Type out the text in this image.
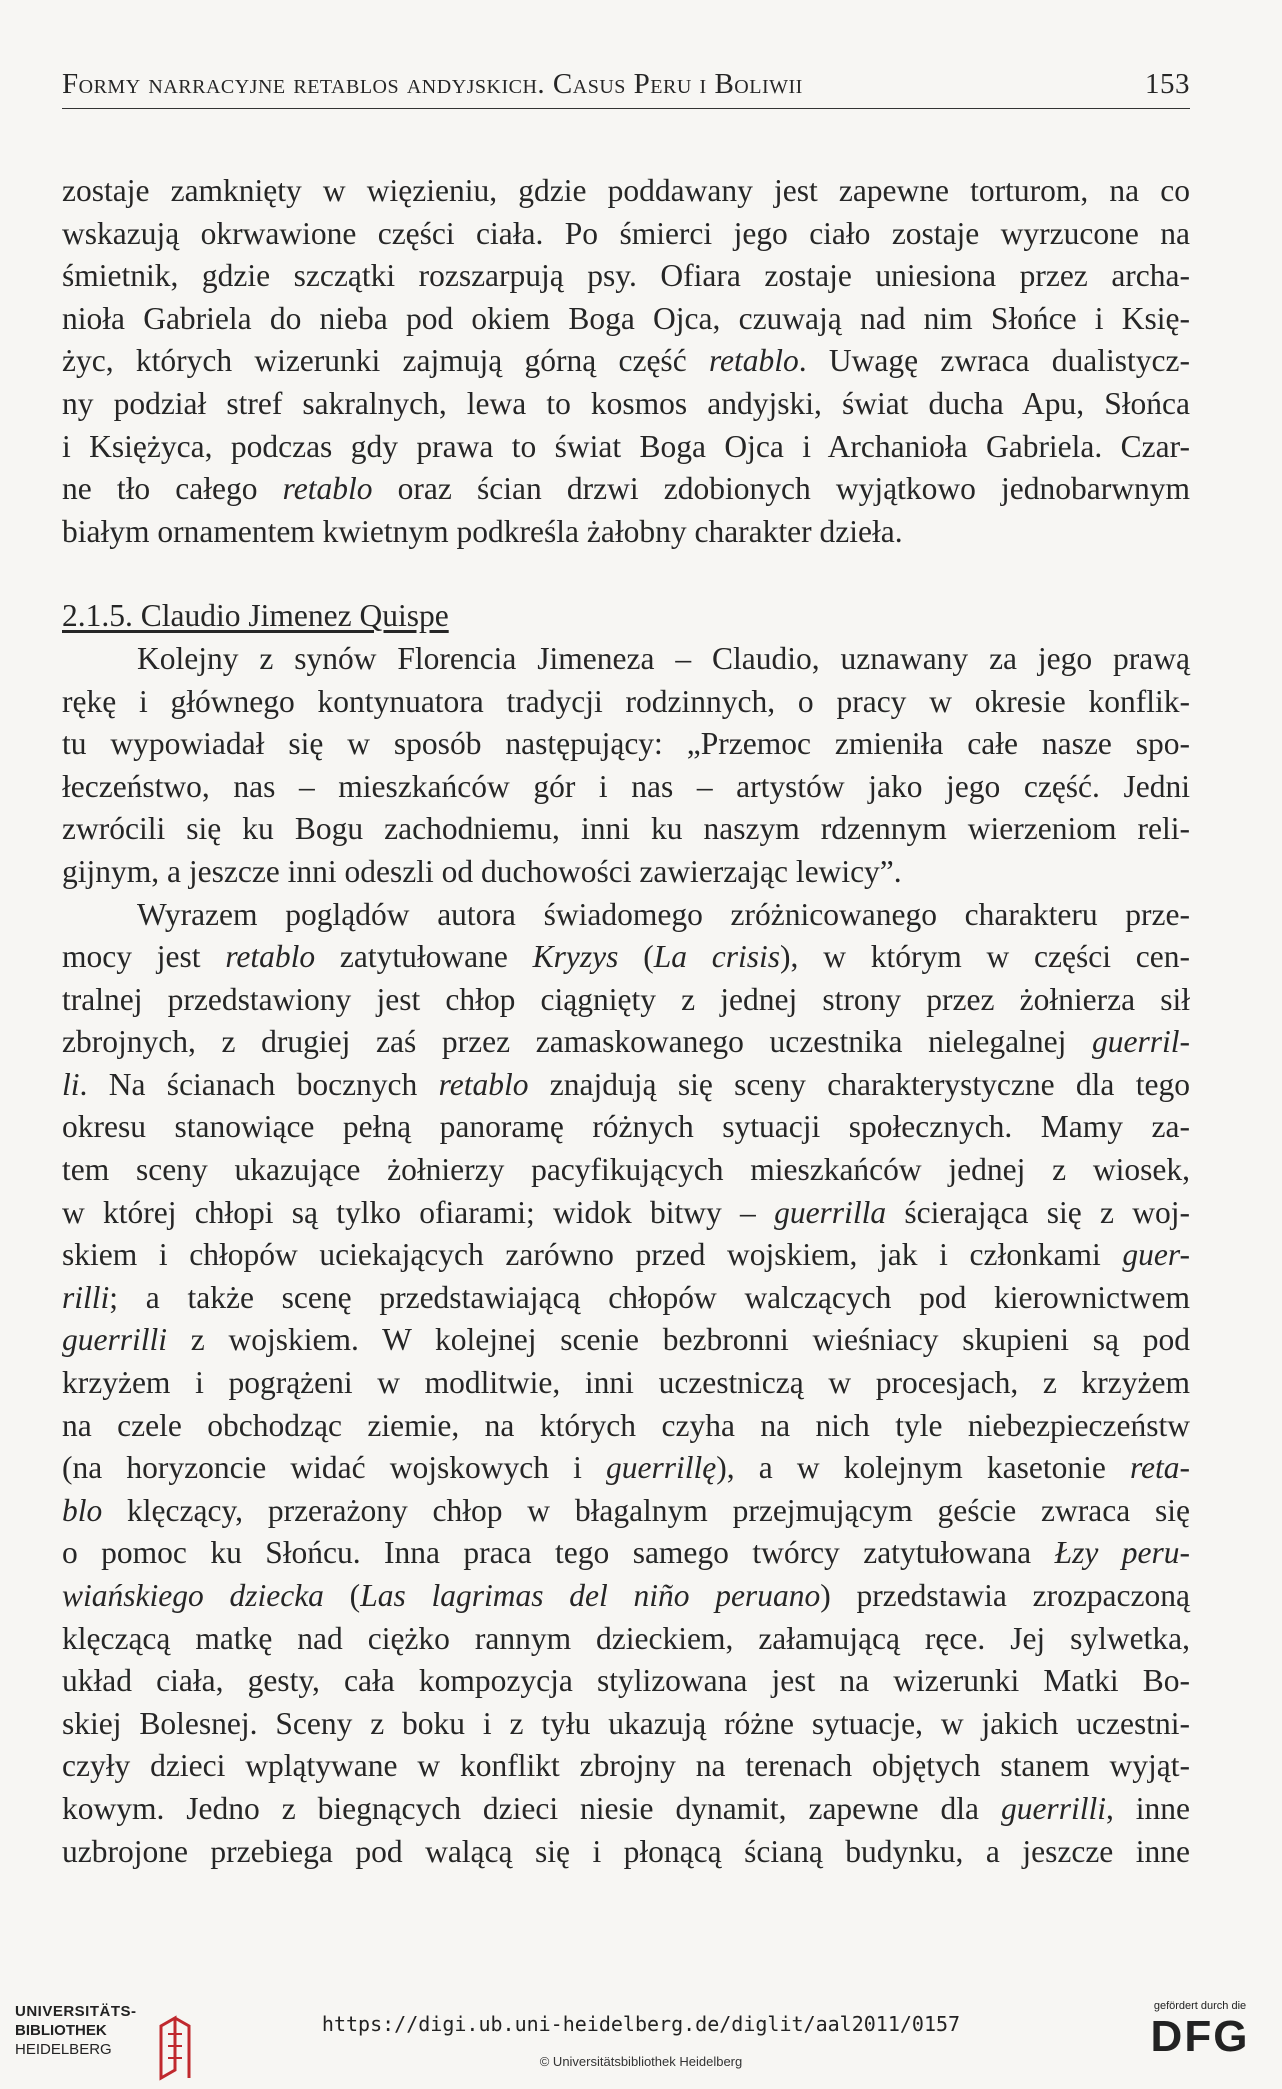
Formy narracyjne retablos andyjskich. Casus Peru i Boliwii	153
zostaje zamknięty w więzieniu, gdzie poddawany jest zapewne torturom, na co
wskazują okrwawione części ciała. Po śmierci jego ciało zostaje wyrzucone na
śmietnik, gdzie szczątki rozszarpują psy. Ofiara zostaje uniesiona przez archa-
nioła Gabriela do nieba pod okiem Boga Ojca, czuwają nad nim Słońce i Księ-
życ, których wizerunki zajmują górną część retablo. Uwagę zwraca dualistycz-
ny podział stref sakralnych, lewa to kosmos andyjski, świat ducha Apu, Słońca
i Księżyca, podczas gdy prawa to świat Boga Ojca i Archanioła Gabriela. Czar-
ne tło całego retablo oraz ścian drzwi zdobionych wyjątkowo jednobarwnym
białym ornamentem kwietnym podkreśla żałobny charakter dzieła.
2.1.5. Claudio Jimenez Quispe
Kolejny z synów Florencia Jimeneza – Claudio, uznawany za jego prawą
rękę i głównego kontynuatora tradycji rodzinnych, o pracy w okresie konflik-
tu wypowiadał się w sposób następujący: „Przemoc zmieniła całe nasze spo-
łeczeństwo, nas – mieszkańców gór i nas – artystów jako jego część. Jedni
zwrócili się ku Bogu zachodniemu, inni ku naszym rdzennym wierzeniom reli-
gijnym, a jeszcze inni odeszli od duchowości zawierzając lewicy”.
Wyrazem poglądów autora świadomego zróżnicowanego charakteru prze-
mocy jest retablo zatytułowane Kryzys (La crisis), w którym w części cen-
tralnej przedstawiony jest chłop ciągnięty z jednej strony przez żołnierza sił
zbrojnych, z drugiej zaś przez zamaskowanego uczestnika nielegalnej guerril-
li. Na ścianach bocznych retablo znajdują się sceny charakterystyczne dla tego
okresu stanowiące pełną panoramę różnych sytuacji społecznych. Mamy za-
tem sceny ukazujące żołnierzy pacyfikujących mieszkańców jednej z wiosek,
w której chłopi są tylko ofiarami; widok bitwy – guerrilla ścierająca się z woj-
skiem i chłopów uciekających zarówno przed wojskiem, jak i członkami guer-
rilli; a także scenę przedstawiającą chłopów walczących pod kierownictwem
guerrilli z wojskiem. W kolejnej scenie bezbronni wieśniacy skupieni są pod
krzyżem i pogrążeni w modlitwie, inni uczestniczą w procesjach, z krzyżem
na czele obchodząc ziemie, na których czyha na nich tyle niebezpieczeństw
(na horyzoncie widać wojskowych i guerrillę), a w kolejnym kasetonie reta-
blo klęczący, przerażony chłop w błagalnym przejmującym geście zwraca się
o pomoc ku Słońcu. Inna praca tego samego twórcy zatytułowana Łzy peru-
wiańskiego dziecka (Las lagrimas del niño peruano) przedstawia zrozpaczoną
klęczącą matkę nad ciężko rannym dzieckiem, załamującą ręce. Jej sylwetka,
układ ciała, gesty, cała kompozycja stylizowana jest na wizerunki Matki Bo-
skiej Bolesnej. Sceny z boku i z tyłu ukazują różne sytuacje, w jakich uczestni-
czyły dzieci wplątywane w konflikt zbrojny na terenach objętych stanem wyjąt-
kowym. Jedno z biegnących dzieci niesie dynamit, zapewne dla guerrilli, inne
uzbrojone przebiega pod walącą się i płonącą ścianą budynku, a jeszcze inne
UNIVERSITÄTS-
BIBLIOTHEK
HEIDELBERG
https://digi.ub.uni-heidelberg.de/diglit/aal2011/0157
© Universitätsbibliothek Heidelberg
gefördert durch die
DFG
